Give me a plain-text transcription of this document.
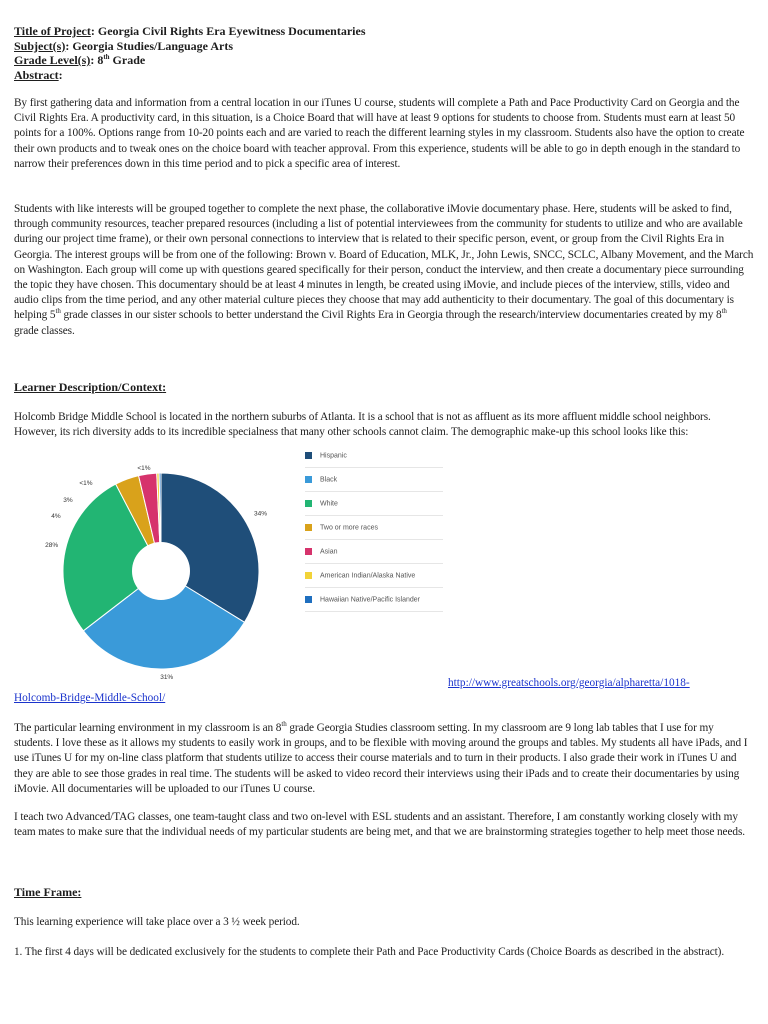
Title of Project: Georgia Civil Rights Era Eyewitness Documentaries
Subject(s): Georgia Studies/Language Arts
Grade Level(s): 8th Grade
Abstract:
By first gathering data and information from a central location in our iTunes U course, students will complete a Path and Pace Productivity Card on Georgia and the Civil Rights Era. A productivity card, in this situation, is a Choice Board that will have at least 9 options for students to choose from. Students must earn at least 50 points for a 100%. Options range from 10-20 points each and are varied to reach the different learning styles in my classroom. Students also have the option to create their own products and to tweak ones on the choice board with teacher approval. From this experience, students will be able to go in depth enough in the standard to narrow their preferences down in this time period and to pick a specific area of interest.
Students with like interests will be grouped together to complete the next phase, the collaborative iMovie documentary phase. Here, students will be asked to find, through community resources, teacher prepared resources (including a list of potential interviewees from the community for students to utilize and who are available during our project time frame), or their own personal connections to interview that is related to their specific person, event, or group from the Civil Rights Era in Georgia. The interest groups will be from one of the following: Brown v. Board of Education, MLK, Jr., John Lewis, SNCC, SCLC, Albany Movement, and the March on Washington. Each group will come up with questions geared specifically for their person, conduct the interview, and then create a documentary piece surrounding the topic they have chosen. This documentary should be at least 4 minutes in length, be created using iMovie, and include pieces of the interview, stills, video and audio clips from the time period, and any other material culture pieces they choose that may add authenticity to their documentary. The goal of this documentary is helping 5th grade classes in our sister schools to better understand the Civil Rights Era in Georgia through the research/interview documentaries created by my 8th grade classes.
Learner Description/Context:
Holcomb Bridge Middle School is located in the northern suburbs of Atlanta. It is a school that is not as affluent as its more affluent middle school neighbors. However, its rich diversity adds to its incredible specialness that many other schools cannot claim. The demographic make-up this school looks like this:
34%
31%
28%
4%
3%
<1%
<1%
Hispanic
Black
White
Two or more races
Asian
American Indian/Alaska Native
Hawaiian Native/Pacific Islander
http://www.greatschools.org/georgia/alpharetta/1018-
Holcomb-Bridge-Middle-School/
The particular learning environment in my classroom is an 8th grade Georgia Studies classroom setting. In my classroom are 9 long lab tables that I use for my students. I love these as it allows my students to easily work in groups, and to be flexible with moving around the groups and tables. My students all have iPads, and I use iTunes U for my on-line class platform that students utilize to access their course materials and to turn in their products. I also grade their work in iTunes U and they are able to see those grades in real time. The students will be asked to video record their interviews using their iPads and to create their documentaries by using iMovie. All documentaries will be uploaded to our iTunes U course.
I teach two Advanced/TAG classes, one team-taught class and two on-level with ESL students and an assistant. Therefore, I am constantly working closely with my team mates to make sure that the individual needs of my particular students are being met, and that we are brainstorming strategies together to help meet those needs.
Time Frame:
This learning experience will take place over a 3 ½ week period.
1. The first 4 days will be dedicated exclusively for the students to complete their Path and Pace Productivity Cards (Choice Boards as described in the abstract).
